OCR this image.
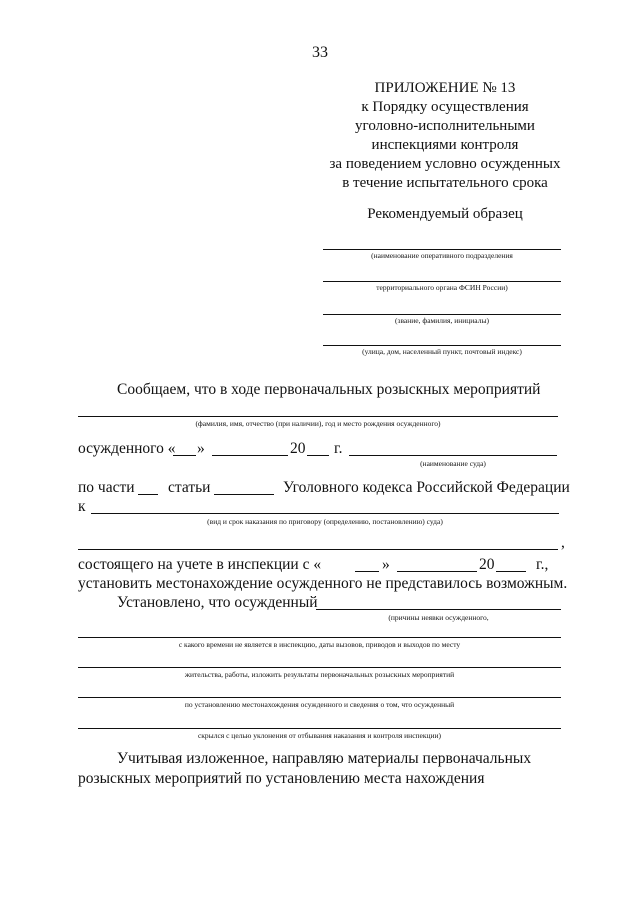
33
ПРИЛОЖЕНИЕ № 13
к Порядку осуществления
уголовно-исполнительными
инспекциями контроля
за поведением условно осужденных
в течение испытательного срока
Рекомендуемый образец
(наименование оперативного подразделения
территориального органа ФСИН России)
(звание, фамилия, инициалы)
(улица, дом, населенный пункт, почтовый индекс)
Сообщаем, что в ходе первоначальных розыскных мероприятий
(фамилия, имя, отчество (при наличии), год и место рождения осужденного)
осужденного « »	20 г.
(наименование суда)
по части статьи	Уголовного кодекса Российской Федерации
к
(вид и срок наказания по приговору (определению, постановлению) суда)
,
состоящего на учете в инспекции с «	»	20	г.,
установить местонахождение осужденного не представилось возможным.
Установлено, что осужденный
(причины неявки осужденного,
с какого времени не является в инспекцию, даты вызовов, приводов и выходов по месту
жительства, работы, изложить результаты первоначальных розыскных мероприятий
по установлению местонахождения осужденного и сведения о том, что осужденный
скрылся с целью уклонения от отбывания наказания и контроля инспекции)
Учитывая изложенное, направляю материалы первоначальных
розыскных мероприятий по установлению места нахождения
